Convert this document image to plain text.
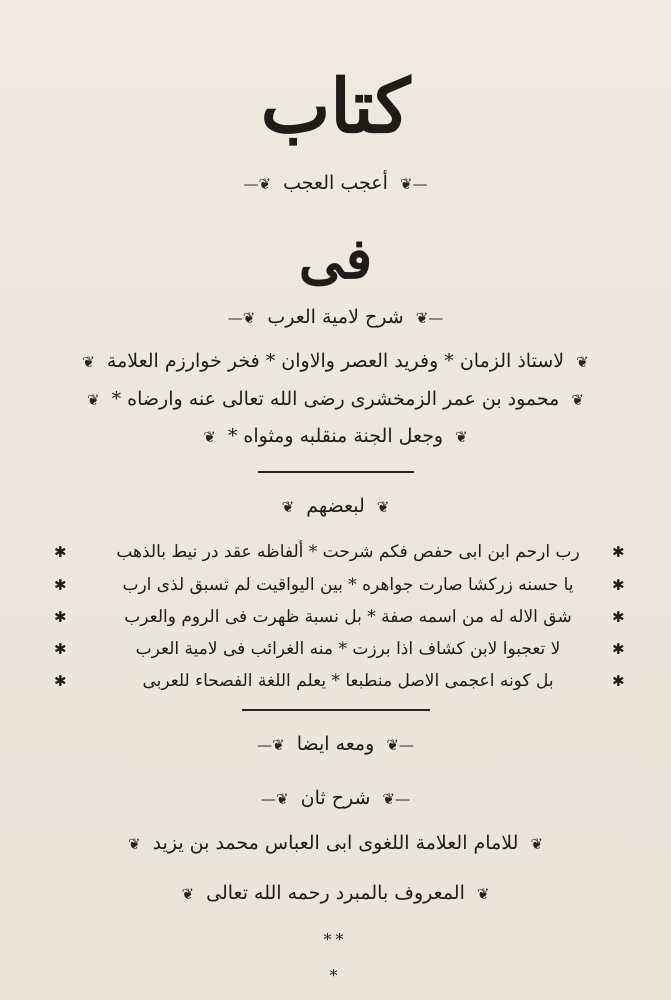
كتاب
—❦ أعجب العجب ❦—
فى
—❦ شرح لامية العرب ❦—
❦ لاستاذ الزمان * وفريد العصر والاوان * فخر خوارزم العلامة ❦
❦ محمود بن عمر الزمخشرى رضى الله تعالى عنه وارضاه * ❦
❦ وجعل الجنة منقلبه ومثواه * ❦
❦ لبعضهم ❦
✱
رب ارحم ابن ابى حفص فكم شرحت * ألفاظه عقد در نيط بالذهب
✱
✱
يا حسنه زركشا صارت جواهره * بين اليواقيت لم تسبق لذى ارب
✱
✱
شق الاله له من اسمه صفة * بل نسبة ظهرت فى الروم والعرب
✱
✱
لا تعجبوا لابن كشاف اذا برزت * منه الغرائب فى لامية العرب
✱
✱
بل كونه اعجمى الاصل منطبعا * يعلم اللغة الفصحاء للعربى
✱
—❦ ومعه ايضا ❦—
—❦ شرح ثان ❦—
❦ للامام العلامة اللغوى ابى العباس محمد بن يزيد ❦
❦ المعروف بالمبرد رحمه الله تعالى ❦
**
*
